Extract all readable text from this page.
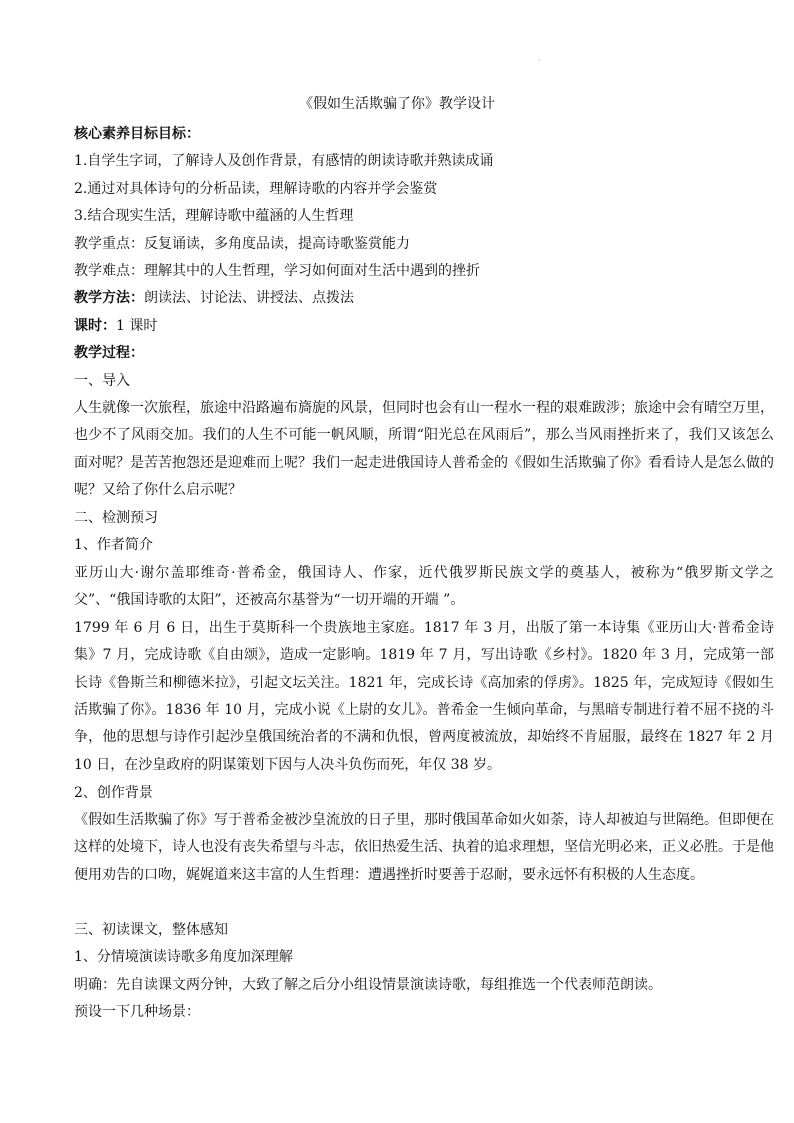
·
《假如生活欺骗了你》教学设计
核心素养目标目标：
1.自学生字词，了解诗人及创作背景，有感情的朗读诗歌并熟读成诵
2.通过对具体诗句的分析品读，理解诗歌的内容并学会鉴赏
3.结合现实生活，理解诗歌中蕴涵的人生哲理
教学重点：反复诵读，多角度品读，提高诗歌鉴赏能力
教学难点：理解其中的人生哲理，学习如何面对生活中遇到的挫折
教学方法：朗读法、讨论法、讲授法、点拨法
课时：1 课时
教学过程：
一、导入
人生就像一次旅程，旅途中沿路遍布旖旎的风景，但同时也会有山一程水一程的艰难跋涉；旅途中会有晴空万里，也少不了风雨交加。我们的人生不可能一帆风顺，所谓“阳光总在风雨后”，那么当风雨挫折来了，我们又该怎么面对呢？是苦苦抱怨还是迎难而上呢？我们一起走进俄国诗人普希金的《假如生活欺骗了你》看看诗人是怎么做的呢？又给了你什么启示呢？
二、检测预习
1、作者简介
亚历山大·谢尔盖耶维奇·普希金，俄国诗人、作家，近代俄罗斯民族文学的奠基人，被称为“俄罗斯文学之父”、“俄国诗歌的太阳”，还被高尔基誉为“一切开端的开端 ”。
1799 年 6 月 6 日，出生于莫斯科一个贵族地主家庭。1817 年 3 月，出版了第一本诗集《亚历山大·普希金诗集》7 月，完成诗歌《自由颂》，造成一定影响。1819 年 7 月，写出诗歌《乡村》。1820 年 3 月，完成第一部长诗《鲁斯兰和柳德米拉》，引起文坛关注。1821 年，完成长诗《高加索的俘虏》。1825 年，完成短诗《假如生活欺骗了你》。1836 年 10 月，完成小说《上尉的女儿》。普希金一生倾向革命，与黑暗专制进行着不屈不挠的斗争，他的思想与诗作引起沙皇俄国统治者的不满和仇恨，曾两度被流放，却始终不肯屈服，最终在 1827 年 2 月 10 日，在沙皇政府的阴谋策划下因与人决斗负伤而死，年仅 38 岁。
2、创作背景
《假如生活欺骗了你》写于普希金被沙皇流放的日子里，那时俄国革命如火如荼，诗人却被迫与世隔绝。但即便在这样的处境下，诗人也没有丧失希望与斗志，依旧热爱生活、执着的追求理想，坚信光明必来，正义必胜。于是他便用劝告的口吻，娓娓道来这丰富的人生哲理：遭遇挫折时要善于忍耐，要永远怀有积极的人生态度。
三、初读课文，整体感知
1、分情境演读诗歌多角度加深理解
明确：先自读课文两分钟，大致了解之后分小组设情景演读诗歌，每组推选一个代表师范朗读。
预设一下几种场景：
